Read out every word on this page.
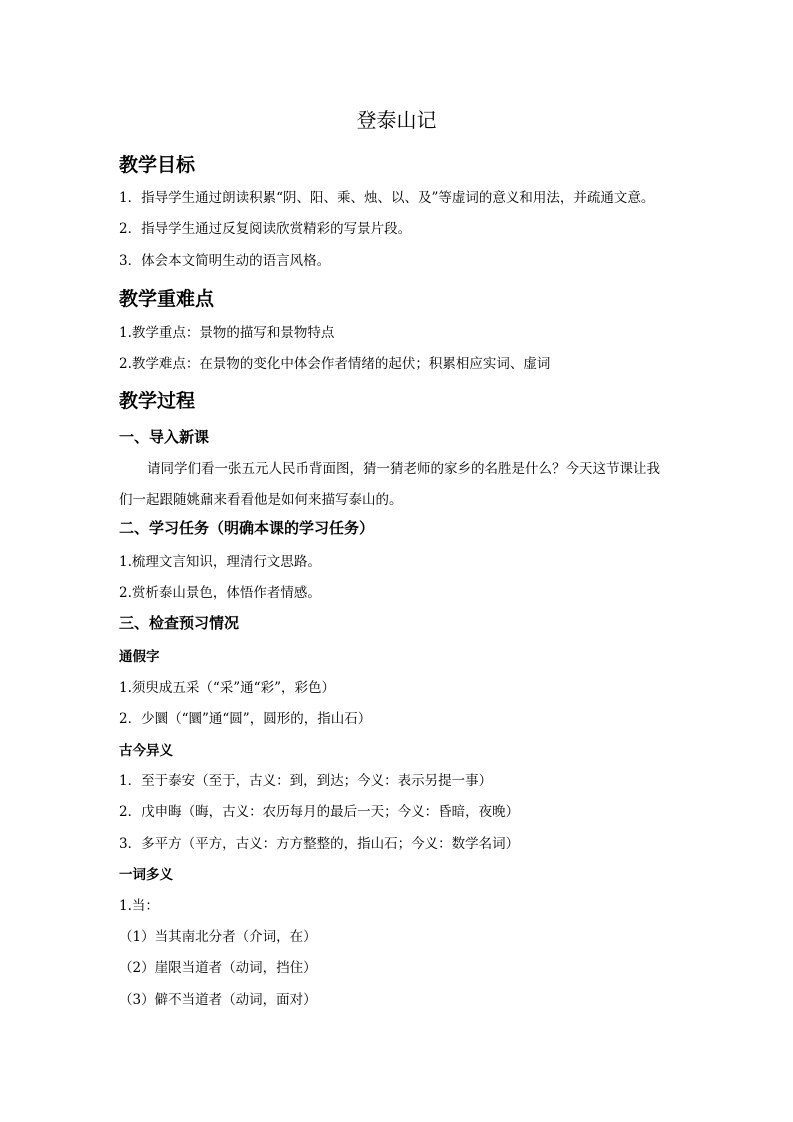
登泰山记
教学目标
1．指导学生通过朗读积累“阴、阳、乘、烛、以、及”等虚词的意义和用法，并疏通文意。
2．指导学生通过反复阅读欣赏精彩的写景片段。
3．体会本文简明生动的语言风格。
教学重难点
1.教学重点：景物的描写和景物特点
2.教学难点：在景物的变化中体会作者情绪的起伏；积累相应实词、虚词
教学过程
一、导入新课
请同学们看一张五元人民币背面图，猜一猜老师的家乡的名胜是什么？今天这节课让我
们一起跟随姚鼐来看看他是如何来描写泰山的。
二、学习任务（明确本课的学习任务）
1.梳理文言知识，理清行文思路。
2.赏析泰山景色，体悟作者情感。
三、检查预习情况
通假字
1.须臾成五采（“采”通“彩”，彩色）
2．少圜（“圜”通“圆”，圆形的，指山石）
古今异义
1．至于泰安（至于，古义：到，到达；今义：表示另提一事）
2．戊申晦（晦，古义：农历每月的最后一天；今义：昏暗，夜晚）
3．多平方（平方，古义：方方整整的，指山石；今义：数学名词）
一词多义
1.当：
（1）当其南北分者（介词，在）
（2）崖限当道者（动词，挡住）
（3）僻不当道者（动词，面对）
